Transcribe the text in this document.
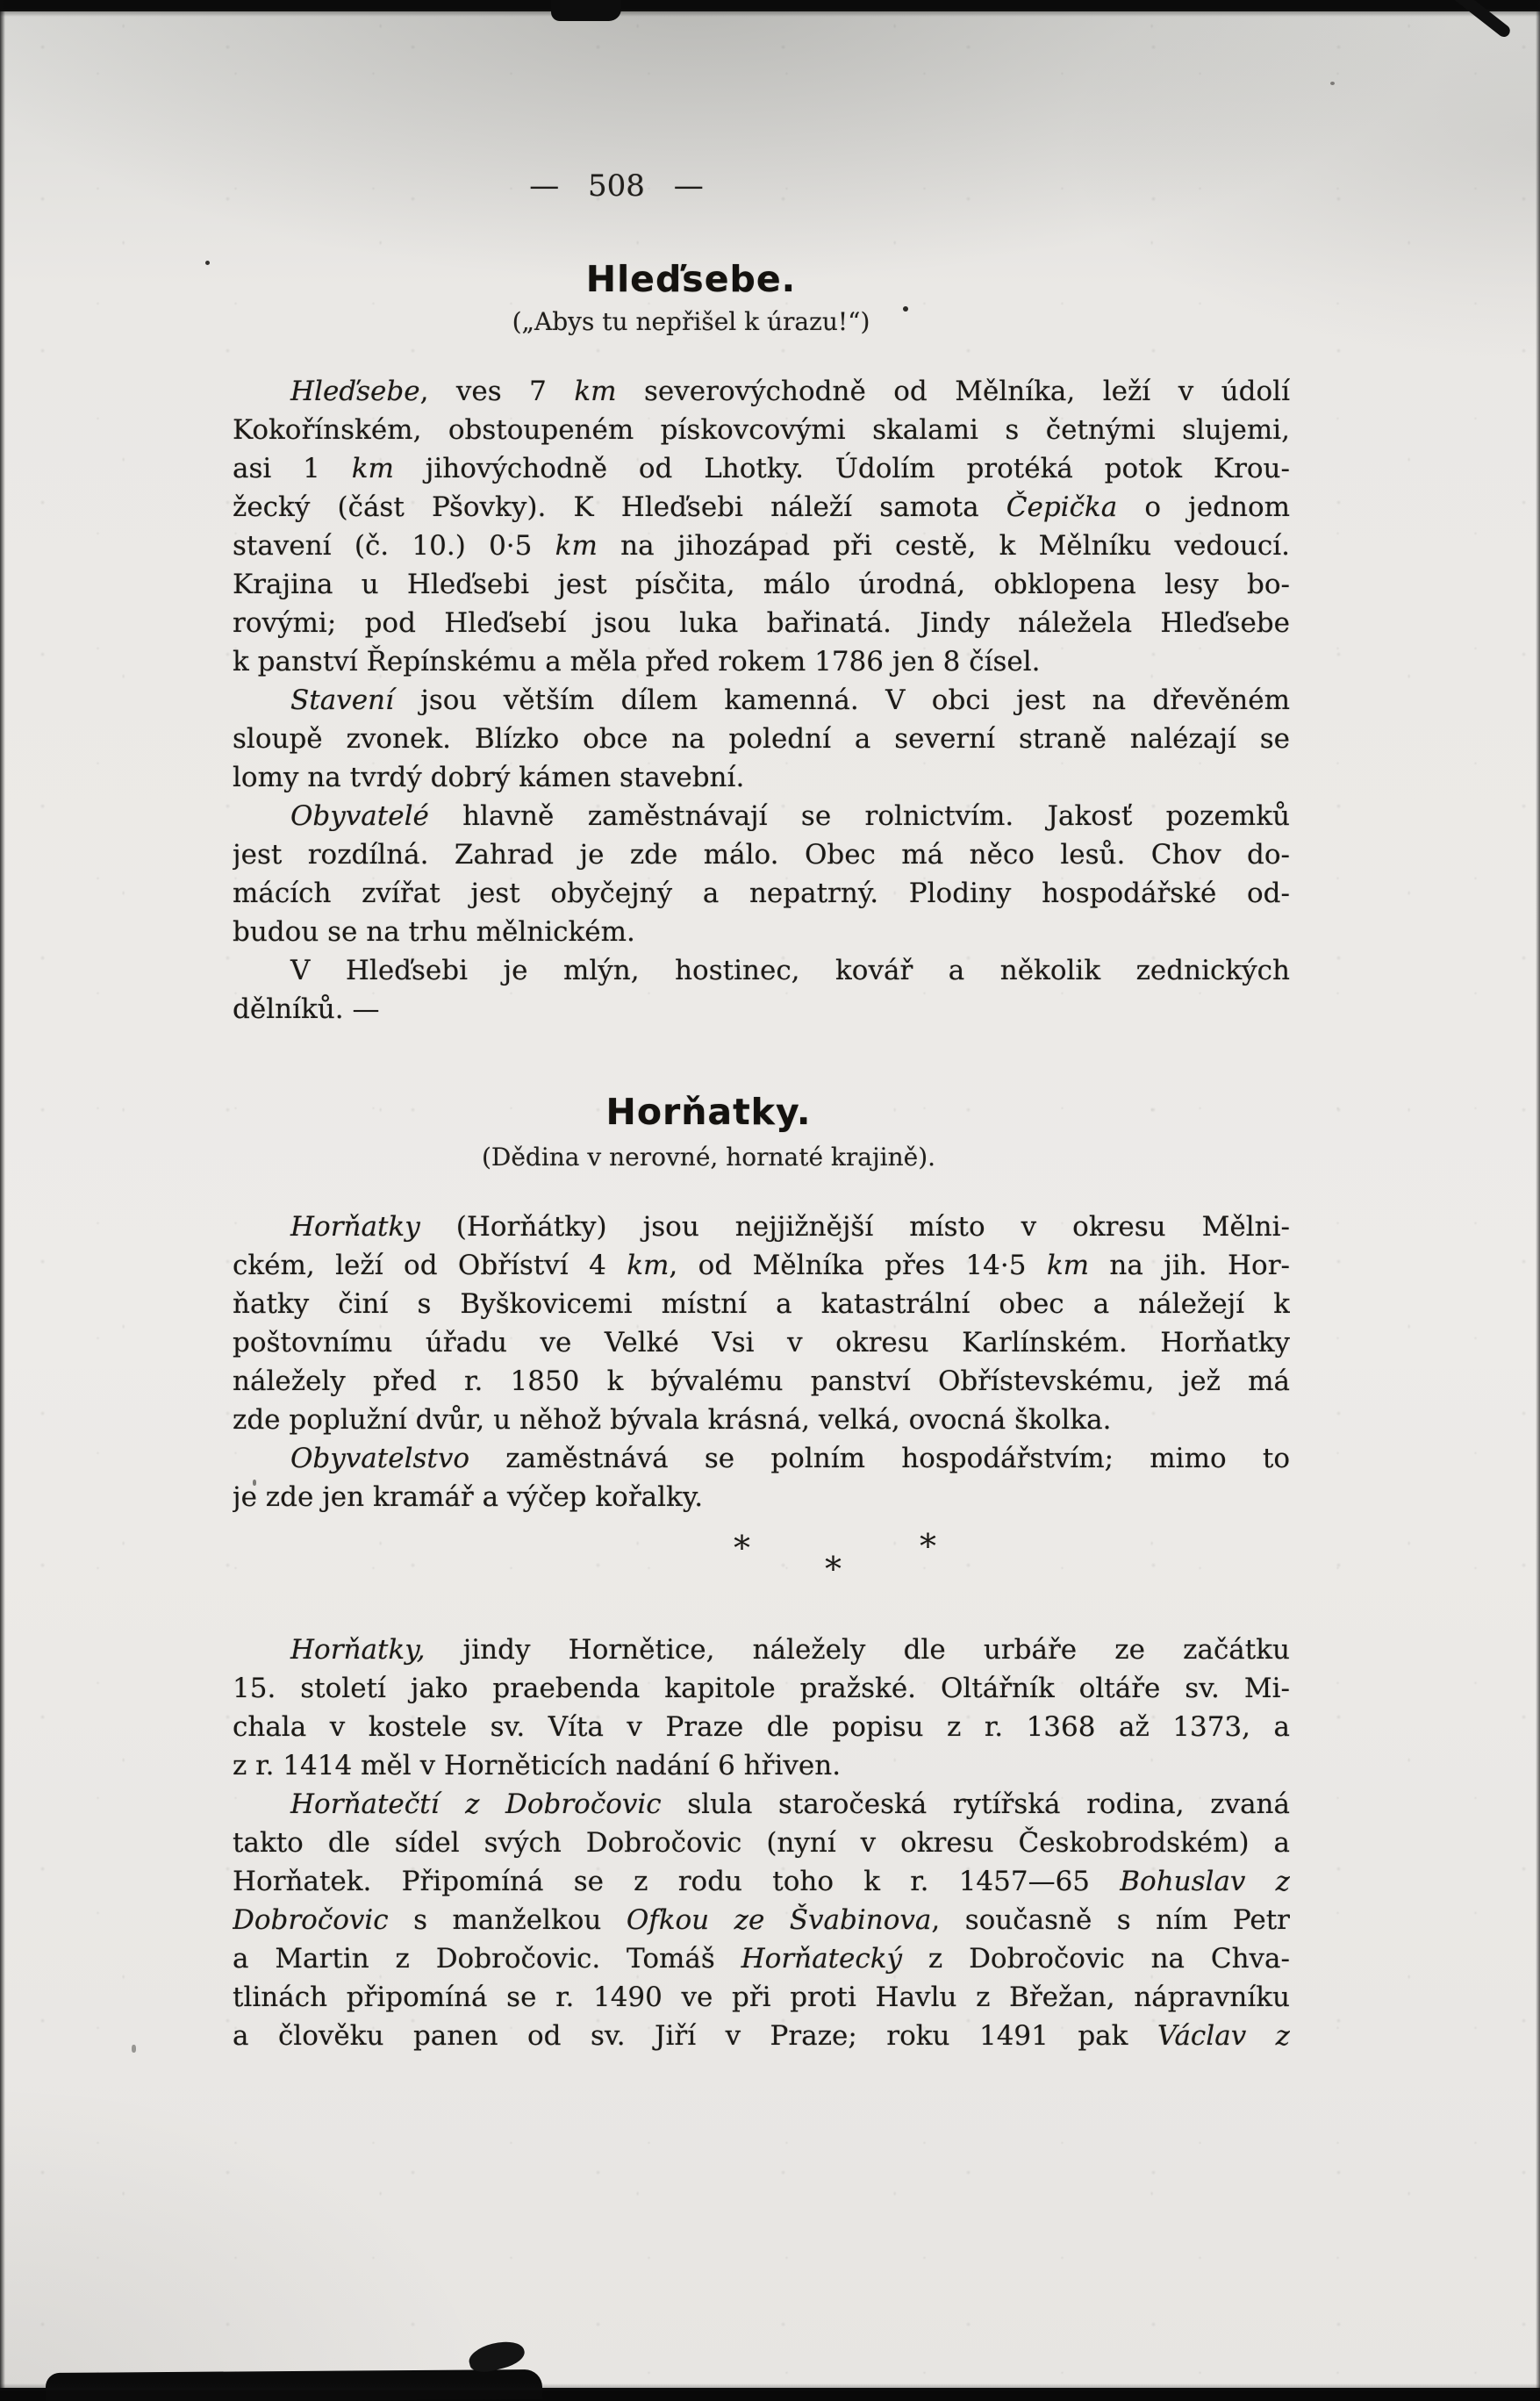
— 508 —
Hleďsebe.
(„Abys tu nepřišel k úrazu!“)
Hleďsebe, ves 7 km severovýchodně od Mělníka, leží v údolí
Kokořínském, obstoupeném pískovcovými skalami s četnými slujemi,
asi 1 km jihovýchodně od Lhotky. Údolím protéká potok Krou-
žecký (část Pšovky). K Hleďsebi náleží samota Čepička o jednom
stavení (č. 10.) 0·5 km na jihozápad při cestě, k Mělníku vedoucí.
Krajina u Hleďsebi jest písčita, málo úrodná, obklopena lesy bo-
rovými; pod Hleďsebí jsou luka bařinatá. Jindy náležela Hleďsebe
k panství Řepínskému a měla před rokem 1786 jen 8 čísel.
Stavení jsou větším dílem kamenná. V obci jest na dřevěném
sloupě zvonek. Blízko obce na polední a severní straně nalézají se
lomy na tvrdý dobrý kámen stavební.
Obyvatelé hlavně zaměstnávají se rolnictvím. Jakosť pozemků
jest rozdílná. Zahrad je zde málo. Obec má něco lesů. Chov do-
mácích zvířat jest obyčejný a nepatrný. Plodiny hospodářské od-
budou se na trhu mělnickém.
V Hleďsebi je mlýn, hostinec, kovář a několik zednických
dělníků. —
Horňatky.
(Dědina v nerovné, hornaté krajině).
Horňatky (Horňátky) jsou nejjižnější místo v okresu Mělni-
ckém, leží od Obříství 4 km, od Mělníka přes 14·5 km na jih. Hor-
ňatky činí s Byškovicemi místní a katastrální obec a náležejí k
poštovnímu úřadu ve Velké Vsi v okresu Karlínském. Horňatky
náležely před r. 1850 k bývalému panství Obřístevskému, jež má
zde poplužní dvůr, u něhož bývala krásná, velká, ovocná školka.
Obyvatelstvo zaměstnává se polním hospodářstvím; mimo to
je zde jen kramář a výčep kořalky.
*
*
*
Horňatky, jindy Hornětice, náležely dle urbáře ze začátku
15. století jako praebenda kapitole pražské. Oltářník oltáře sv. Mi-
chala v kostele sv. Víta v Praze dle popisu z r. 1368 až 1373, a
z r. 1414 měl v Horněticích nadání 6 hřiven.
Horňatečtí z Dobročovic slula staročeská rytířská rodina, zvaná
takto dle sídel svých Dobročovic (nyní v okresu Českobrodském) a
Horňatek. Připomíná se z rodu toho k r. 1457—65 Bohuslav z
Dobročovic s manželkou Ofkou ze Švabinova, současně s ním Petr
a Martin z Dobročovic. Tomáš Horňatecký z Dobročovic na Chva-
tlinách připomíná se r. 1490 ve při proti Havlu z Břežan, nápravníku
a člověku panen od sv. Jiří v Praze; roku 1491 pak Václav z
